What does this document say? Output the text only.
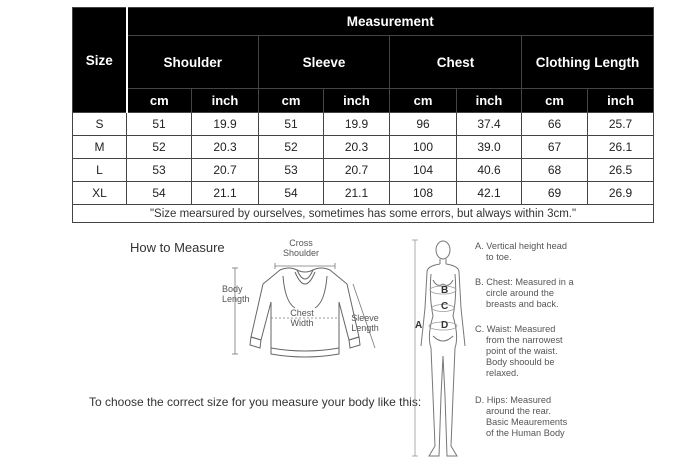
Size	Measurement							
	Shoulder		Sleeve		Chest		Clothing Length	
	cm	inch	cm	inch	cm	inch	cm	inch
S	51	19.9	51	19.9	96	37.4	66	25.7
M	52	20.3	52	20.3	100	39.0	67	26.1
L	53	20.7	53	20.7	104	40.6	68	26.5
XL	54	21.1	54	21.1	108	42.1	69	26.9
"Size mearsured by ourselves, sometimes has some errors, but always within 3cm."								
How to Measure	Cross
Shoulder
Body
Length
Chest
Width	Sleeve
Length
To choose the correct size for you measure your body like this:
B
C
A D
A. Vertical height head
to toe.
B. Chest: Measured in a
circle around the
breasts and back.
C. Waist: Measured
from the narrowest
point of the waist.
Body shoould be
relaxed.
D. Hips: Measured
around the rear.
Basic Meaurements
of the Human Body
